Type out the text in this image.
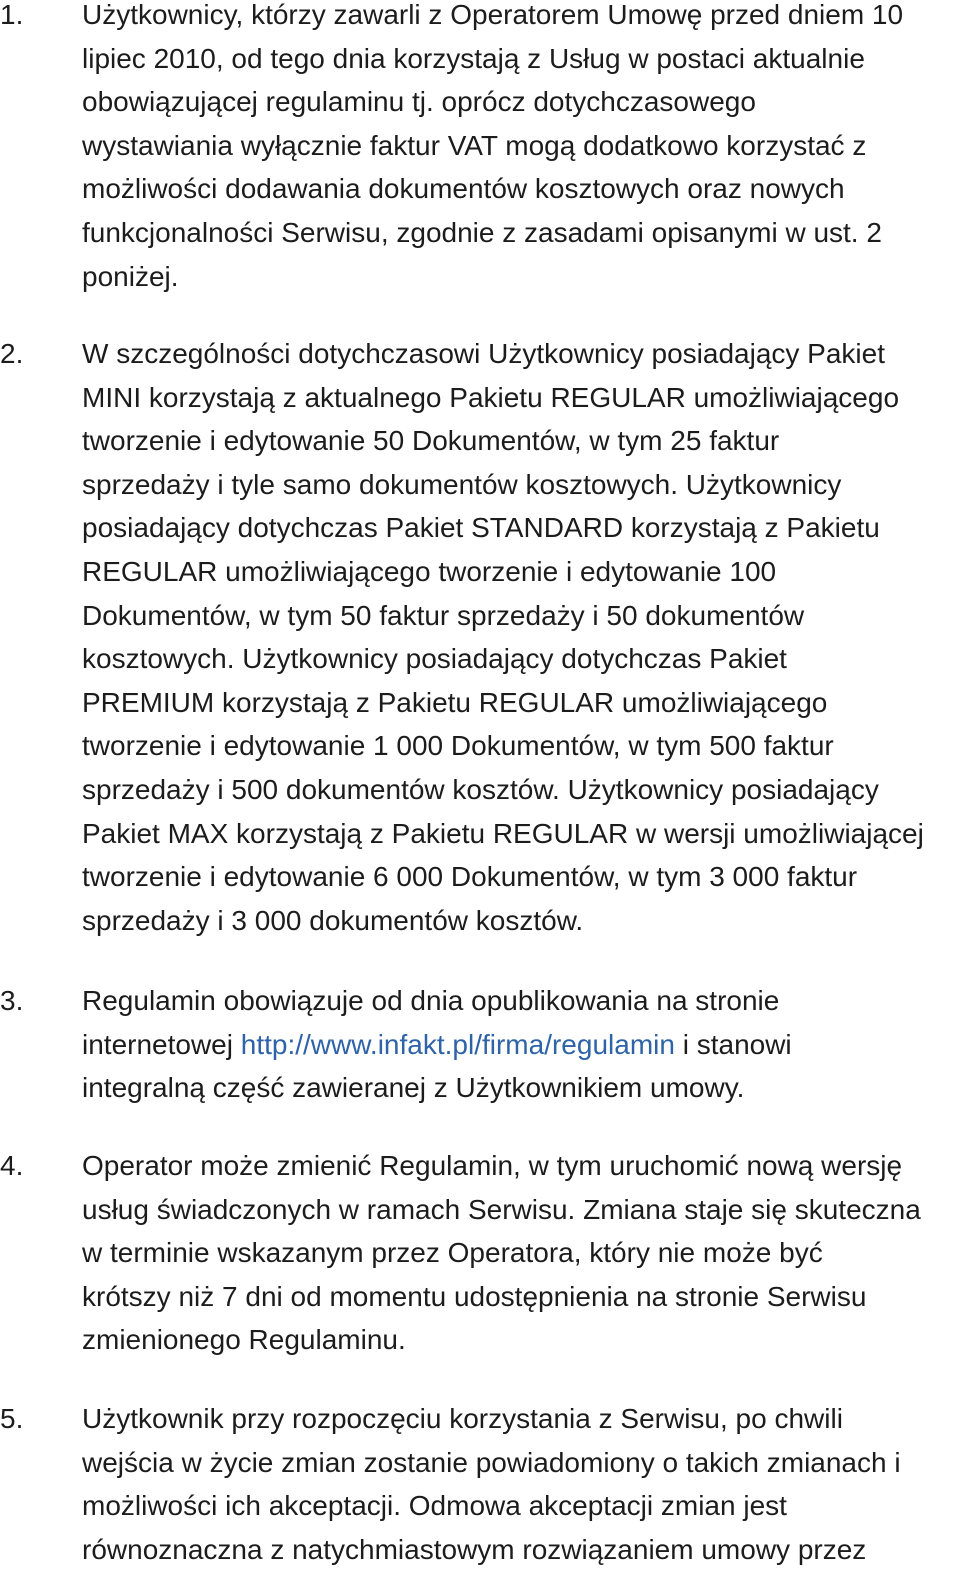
1.	Użytkownicy, którzy zawarli z Operatorem Umowę przed dniem 10
lipiec 2010, od tego dnia korzystają z Usług w postaci aktualnie
obowiązującej regulaminu tj. oprócz dotychczasowego
wystawiania wyłącznie faktur VAT mogą dodatkowo korzystać z
możliwości dodawania dokumentów kosztowych oraz nowych
funkcjonalności Serwisu, zgodnie z zasadami opisanymi w ust. 2
poniżej.
2.	W szczególności dotychczasowi Użytkownicy posiadający Pakiet
MINI korzystają z aktualnego Pakietu REGULAR umożliwiającego
tworzenie i edytowanie 50 Dokumentów, w tym 25 faktur
sprzedaży i tyle samo dokumentów kosztowych. Użytkownicy
posiadający dotychczas Pakiet STANDARD korzystają z Pakietu
REGULAR umożliwiającego tworzenie i edytowanie 100
Dokumentów, w tym 50 faktur sprzedaży i 50 dokumentów
kosztowych. Użytkownicy posiadający dotychczas Pakiet
PREMIUM korzystają z Pakietu REGULAR umożliwiającego
tworzenie i edytowanie 1 000 Dokumentów, w tym 500 faktur
sprzedaży i 500 dokumentów kosztów. Użytkownicy posiadający
Pakiet MAX korzystają z Pakietu REGULAR w wersji umożliwiającej
tworzenie i edytowanie 6 000 Dokumentów, w tym 3 000 faktur
sprzedaży i 3 000 dokumentów kosztów.
3.	Regulamin obowiązuje od dnia opublikowania na stronie
internetowej http://www.infakt.pl/firma/regulamin i stanowi
integralną część zawieranej z Użytkownikiem umowy.
4.	Operator może zmienić Regulamin, w tym uruchomić nową wersję
usług świadczonych w ramach Serwisu. Zmiana staje się skuteczna
w terminie wskazanym przez Operatora, który nie może być
krótszy niż 7 dni od momentu udostępnienia na stronie Serwisu
zmienionego Regulaminu.
5.	Użytkownik przy rozpoczęciu korzystania z Serwisu, po chwili
wejścia w życie zmian zostanie powiadomiony o takich zmianach i
możliwości ich akceptacji. Odmowa akceptacji zmian jest
równoznaczna z natychmiastowym rozwiązaniem umowy przez
